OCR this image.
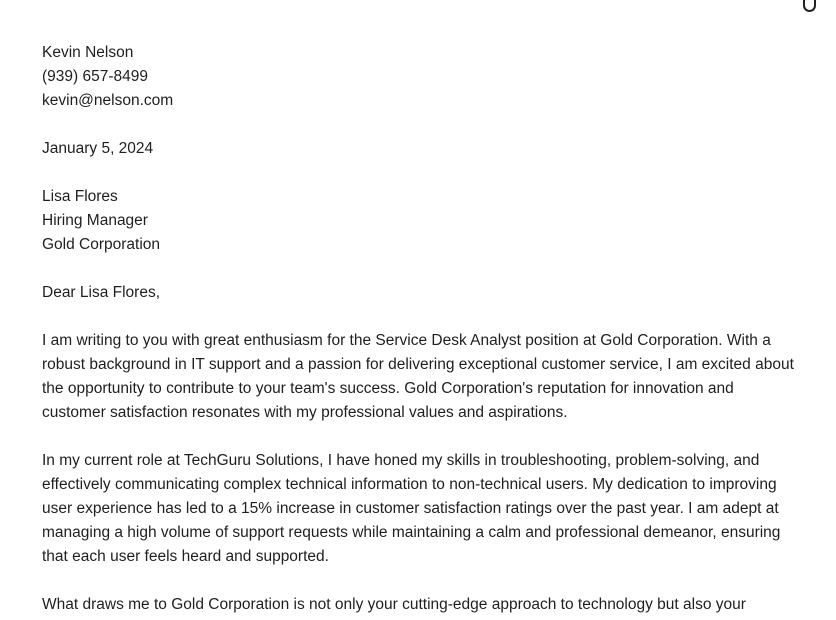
Kevin Nelson
(939) 657-8499
kevin@nelson.com
January 5, 2024
Lisa Flores
Hiring Manager
Gold Corporation
Dear Lisa Flores,

I am writing to you with great enthusiasm for the Service Desk Analyst position at Gold Corporation. With a robust background in IT support and a passion for delivering exceptional customer service, I am excited about the opportunity to contribute to your team's success. Gold Corporation's reputation for innovation and customer satisfaction resonates with my professional values and aspirations.

In my current role at TechGuru Solutions, I have honed my skills in troubleshooting, problem-solving, and effectively communicating complex technical information to non-technical users. My dedication to improving user experience has led to a 15% increase in customer satisfaction ratings over the past year. I am adept at managing a high volume of support requests while maintaining a calm and professional demeanor, ensuring that each user feels heard and supported.

What draws me to Gold Corporation is not only your cutting-edge approach to technology but also your
